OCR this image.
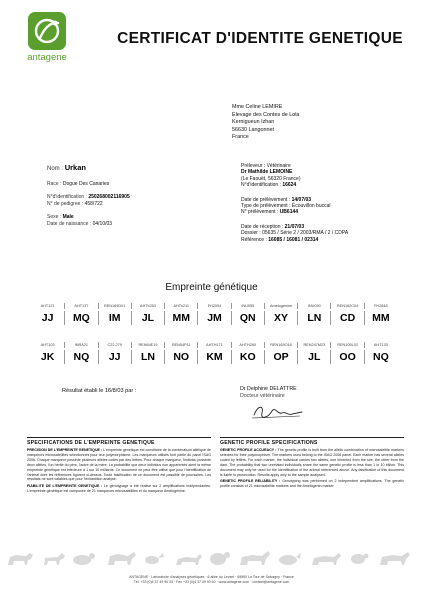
antagene
CERTIFICAT D'IDENTITE GENETIQUE
Mme Celine LEMIRE
Elevage des Contes de Lola
Kernigueun Izhan
56630 Langonnet
France
Nom : Urkan
Race : Dogue Des Canaries
N°d'identification : 250268002116905
N° de pedigree : 458/722
Sexe : Male
Date de naissance : 04/10/03
Préleveur : Vétérinaire
Dr Mathilde LEMOINE
(Le Faouët, 56320 France)
N°d'identification : 16624
Date de prélèvement : 14/07/03
Type de prélèvement : Écouvillon buccal
N° prélèvement : UB6144
Date de réception : 21/07/03
Dossier : 05635 / Série 2 / 2003/RMA / 2 / CDPA
Référence : 16085 / 16081 / 02314
Empreinte génétique
AHT121	AHT137	REN169D01	AHTk253	AHTk211	FH2054	INU055	Amélogénine	INU030	REN162C04	FH2848
JJ	MQ	IM	JL	MM	JM	QN	XY	LN	CD	MM
AHT103	INRA21	C22.279	REN64E19	REN54P11	AHTH171	AHTH260	REN169O18	REN247M23	REN105L03	AHT133
JK	NQ	JJ	LN	NO	KM	KO	OP	JL	OO	NQ
Résultat établi le 16/8/03 par :	Dr Delphine DELATTRE
Docteur vétérinaire
SPECIFICATIONS DE L'EMPREINTE GENETIQUE
PRECISION DE L'EMPREINTE GENETIQUE : L'empreinte génétique est constituée de la combinaison allélique de marqueurs microsatellites sélectionnés pour leur polymorphisme. Les marqueurs utilisés font partie du panel ISAG 2006. Chaque marqueur possède plusieurs allèles codés par des lettres. Pour chaque marqueur, l'individu possède deux allèles, l'un hérité du père, l'autre de la mère. La probabilité que deux individus non apparentés aient la même empreinte génétique est inférieure à 1 sur 10 milliards. Ce document ne peut être utilisé que pour l'identification de l'animal dont les références figurent ci-dessus. Toute falsification de ce document est passible de poursuites. Les résultats ne sont valables que pour l'échantillon analysé.
FIABILITE DE L'EMPREINTE GENETIQUE : Le génotypage a été réalisé sur 2 amplifications indépendantes. L'empreinte génétique est composée de 21 marqueurs microsatellites et du marqueur Amélogénine.
GENETIC PROFILE SPECIFICATIONS
GENETIC PROFILE ACCURACY : The genetic profile is built from the allelic combination of microsatellite markers selected for their polymorphism. The markers used belong to the ISAG 2006 panel. Each marker has several alleles coded by letters. For each marker, the individual carries two alleles, one inherited from the sire, the other from the dam. The probability that two unrelated individuals share the same genetic profile is less than 1 in 10 billion. This document may only be used for the identification of the animal referenced above. Any falsification of this document is liable to prosecution. Results apply only to the sample analysed.
GENETIC PROFILE RELIABILITY : Genotyping was performed on 2 independent amplifications. The genetic profile consists of 21 microsatellite markers and the Amelogenin marker.
ANTAGENE · Laboratoire d'analyses génétiques · 6 allée du Levant · 69890 La Tour de Salvagny · France
Tél. +33 (0)4 37 49 90 03 · Fax +33 (0)4 37 49 90 60 · www.antagene.com · contact@antagene.com
